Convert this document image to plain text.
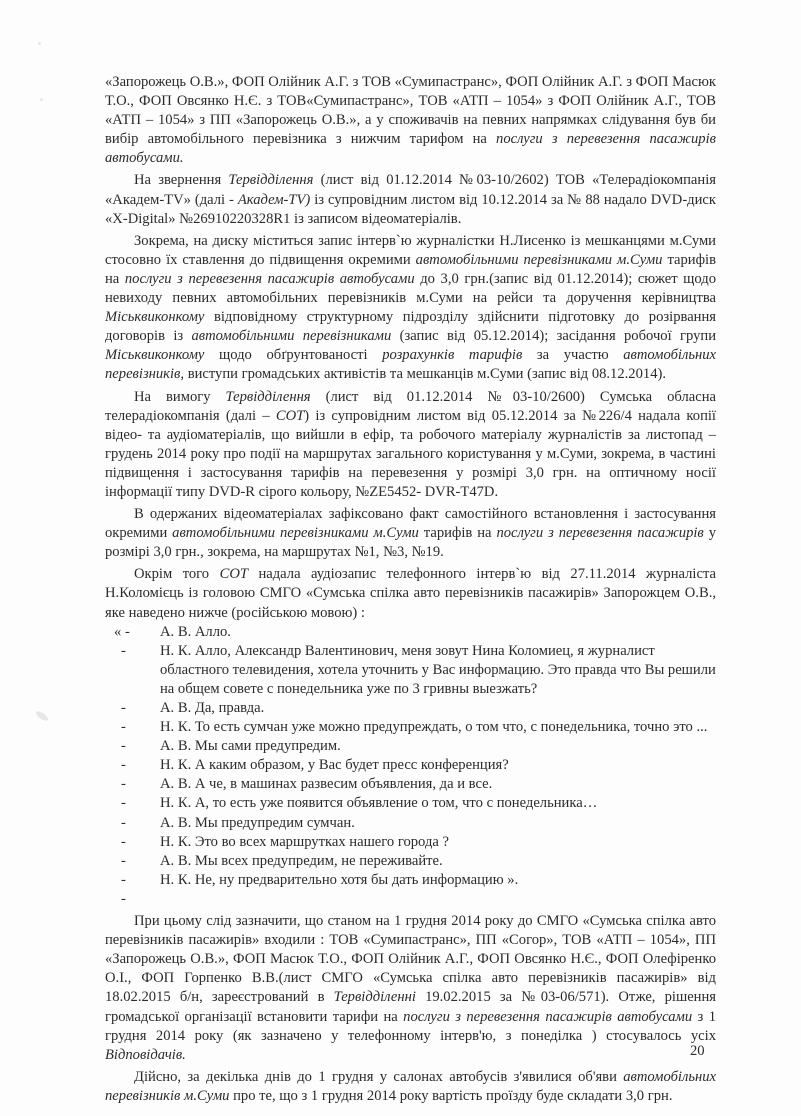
«Запорожець О.В.», ФОП Олійник А.Г. з ТОВ «Сумипастранс», ФОП Олійник А.Г. з ФОП Масюк Т.О., ФОП Овсянко Н.Є. з ТОВ«Сумипастранс», ТОВ «АТП – 1054» з ФОП Олійник А.Г., ТОВ «АТП – 1054» з ПП «Запорожець О.В.», а у споживачів на певних напрямках слідування був би вибір автомобільного перевізника з нижчим тарифом на послуги з перевезення пасажирів автобусами.

На звернення Тервідділення (лист від 01.12.2014 №03-10/2602) ТОВ «Телерадіокомпанія «Академ-TV» (далі - Академ-TV) із супровідним листом від 10.12.2014 за № 88 надало DVD-диск «X-Digital» №26910220328R1 із записом відеоматеріалів.

Зокрема, на диску міститься запис інтерв`ю журналістки Н.Лисенко із мешканцями м.Суми стосовно їх ставлення до підвищення окремими автомобільними перевізниками м.Суми тарифів на послуги з перевезення пасажирів автобусами до 3,0 грн.(запис від 01.12.2014); сюжет щодо невиходу певних автомобільних перевізників м.Суми на рейси та доручення керівництва Міськвиконкому відповідному структурному підрозділу здійснити підготовку до розірвання договорів із автомобільними перевізниками (запис від 05.12.2014); засідання робочої групи Міськвиконкому щодо обґрунтованості розрахунків тарифів за участю автомобільних перевізників, виступи громадських активістів та мешканців м.Суми (запис від 08.12.2014).

На вимогу Тервідділення (лист від 01.12.2014 №03-10/2600) Сумська обласна телерадіокомпанія (далі – СОТ) із супровідним листом від 05.12.2014 за №226/4 надала копії відео- та аудіоматеріалів, що вийшли в ефір, та робочого матеріалу журналістів за листопад – грудень 2014 року про події на маршрутах загального користування у м.Суми, зокрема, в частині підвищення і застосування тарифів на перевезення у розмірі 3,0 грн. на оптичному носії інформації типу DVD-R сірого кольору, №ZE5452- DVR-T47D.

В одержаних відеоматеріалах зафіксовано факт самостійного встановлення і застосування окремими автомобільними перевізниками м.Суми тарифів на послуги з перевезення пасажирів у розмірі 3,0 грн., зокрема, на маршрутах №1, №3, №19.

Окрім того СОТ надала аудіозапис телефонного інтерв`ю від 27.11.2014 журналіста Н.Коломієць із головою СМГО «Сумська спілка авто перевізників пасажирів» Запорожцем О.В., яке наведено нижче (російською мовою) :

« - А. В. Алло.
- Н. К. Алло, Александр Валентинович, меня зовут Нина Коломиец, я журналист областного телевидения, хотела уточнить у Вас информацию. Это правда что Вы решили на общем совете с понедельника уже по 3 гривны выезжать?
- А. В. Да, правда.
- Н. К. То есть сумчан уже можно предупреждать, о том что, с понедельника, точно это ...
- А. В. Мы сами предупредим.
- Н. К. А каким образом, у Вас будет пресс конференция?
- А. В. А че, в машинах развесим объявления, да и все.
- Н. К. А, то есть уже появится объявление о том, что с понедельника…
- А. В. Мы предупредим сумчан.
- Н. К. Это во всех маршрутках нашего города ?
- А. В. Мы всех предупредим, не переживайте.
- Н. К. Не, ну предварительно хотя бы дать информацию ».
-

При цьому слід зазначити, що станом на 1 грудня 2014 року до СМГО «Сумська спілка авто перевізників пасажирів» входили : ТОВ «Сумипастранс», ПП «Согор», ТОВ «АТП – 1054», ПП «Запорожець О.В.», ФОП Масюк Т.О., ФОП Олійник А.Г., ФОП Овсянко Н.Є., ФОП Олефіренко О.І., ФОП Горпенко В.В.(лист СМГО «Сумська спілка авто перевізників пасажирів» від 18.02.2015 б/н, зареєстрований в Тервідділенні 19.02.2015 за №03-06/571). Отже, рішення громадської організації встановити тарифи на послуги з перевезення пасажирів автобусами з 1 грудня 2014 року (як зазначено у телефонному інтерв'ю, з понеділка ) стосувалось усіх Відповідачів.

Дійсно, за декілька днів до 1 грудня у салонах автобусів з'явилися об'яви автомобільних перевізників м.Суми про те, що з 1 грудня 2014 року вартість проїзду буде складати 3,0 грн.

20
